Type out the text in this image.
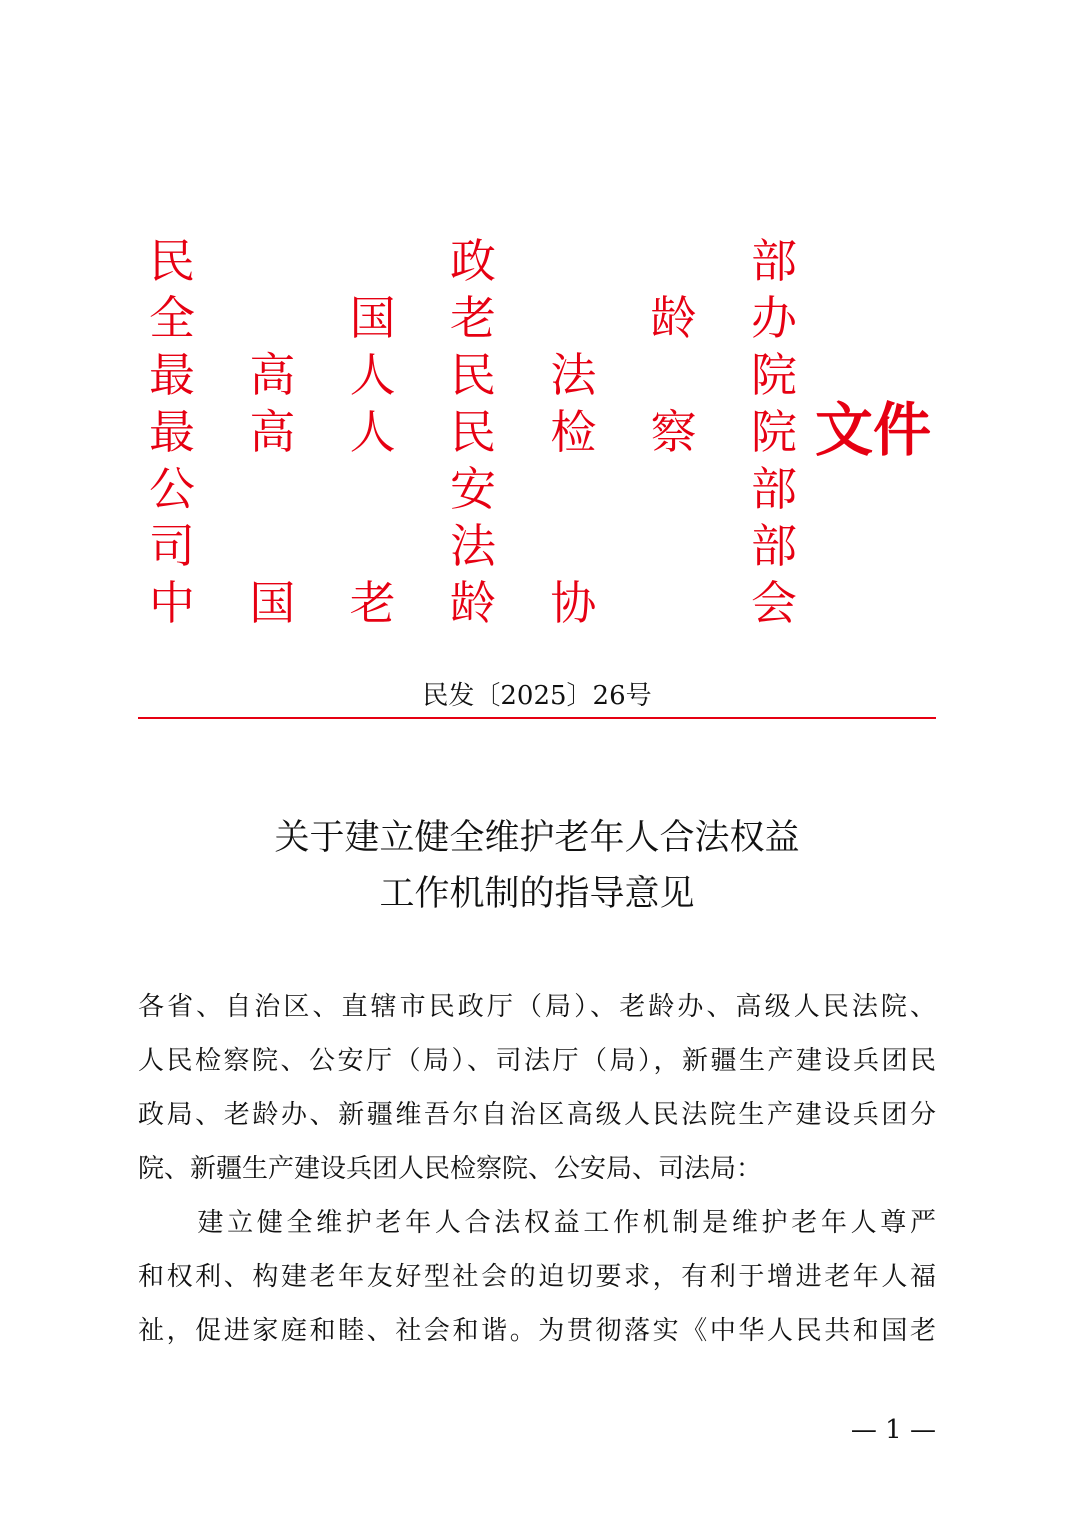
民	政	部
全	国 老	龄 办
最 高 人 民 法	院
最 高 人 民 检 察 院
公	安	部
司	法	部
中 国 老 龄 协	会
文件
民发〔2025〕26号
关于建立健全维护老年人合法权益
工作机制的指导意见
各省、自治区、直辖市民政厅（局）、老龄办、高级人民法院、
人民检察院、公安厅（局）、司法厅（局），新疆生产建设兵团民
政局、老龄办、新疆维吾尔自治区高级人民法院生产建设兵团分
院、新疆生产建设兵团人民检察院、公安局、司法局：
　　建立健全维护老年人合法权益工作机制是维护老年人尊严
和权利、构建老年友好型社会的迫切要求，有利于增进老年人福
祉，促进家庭和睦、社会和谐。为贯彻落实《中华人民共和国老
— 1 —
